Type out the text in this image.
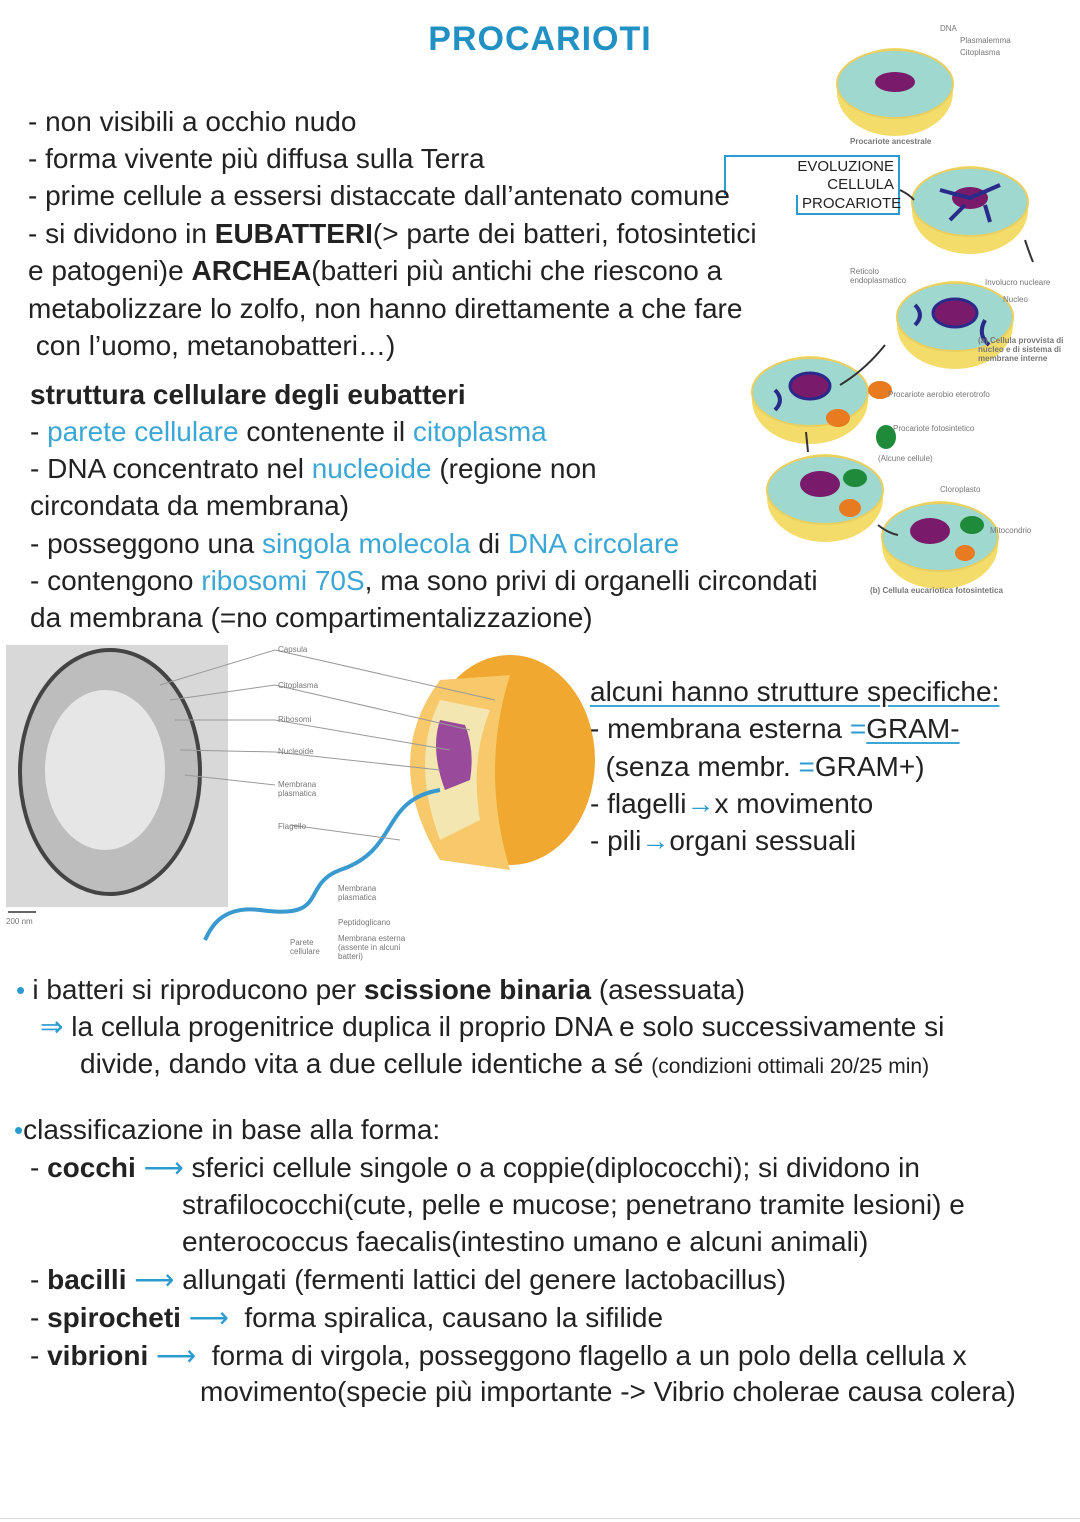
PROCARIOTI
EVOLUZIONE CELLULA
PROCARIOTE
DNA
Plasmalemma
Citoplasma
Procariote ancestrale
Reticolo endoplasmatico	Involucro nucleare
Nucleo
(a) Cellula provvista di nucleo e di sistema di membrane interne
Procariote aerobio eterotrofo
Procariote fotosintetico
(Alcune cellule)
Cloroplasto
Mitocondrio
(b) Cellula eucariotica fotosintetica
Capsula
Citoplasma
Ribosomi
Nucleoide
Membrana plasmatica
Flagello
Membrana plasmatica
Peptidoglicano
Membrana esterna (assente in alcuni batteri)
Parete cellulare
200 nm
- non visibili a occhio nudo
- forma vivente più diffusa sulla Terra
- prime cellule a essersi distaccate dall’antenato comune
- si dividono in EUBATTERI(> parte dei batteri, fotosintetici
e patogeni)e ARCHEA(batteri più antichi che riescono a
metabolizzare lo zolfo, non hanno direttamente a che fare
con l’uomo, metanobatteri…)
struttura cellulare degli eubatteri
- parete cellulare contenente il citoplasma
- DNA concentrato nel nucleoide (regione non
circondata da membrana)
- posseggono una singola molecola di DNA circolare
- contengono ribosomi 70S, ma sono privi di organelli circondati
da membrana (=no compartimentalizzazione)
alcuni hanno strutture specifiche:
- membrana esterna =GRAM-
(senza membr. =GRAM+)
- flagelli→x movimento
- pili→organi sessuali
• i batteri si riproducono per scissione binaria (asessuata)
⇒ la cellula progenitrice duplica il proprio DNA e solo successivamente si
divide, dando vita a due cellule identiche a sé (condizioni ottimali 20/25 min)
•classificazione in base alla forma:
- cocchi ⟶ sferici cellule singole o a coppie(diplococchi); si dividono in
strafilococchi(cute, pelle e mucose; penetrano tramite lesioni) e
enterococcus faecalis(intestino umano e alcuni animali)
- bacilli ⟶ allungati (fermenti lattici del genere lactobacillus)
- spirocheti ⟶  forma spiralica, causano la sifilide
- vibrioni ⟶  forma di virgola, posseggono flagello a un polo della cellula x
movimento(specie più importante -> Vibrio cholerae causa colera)
